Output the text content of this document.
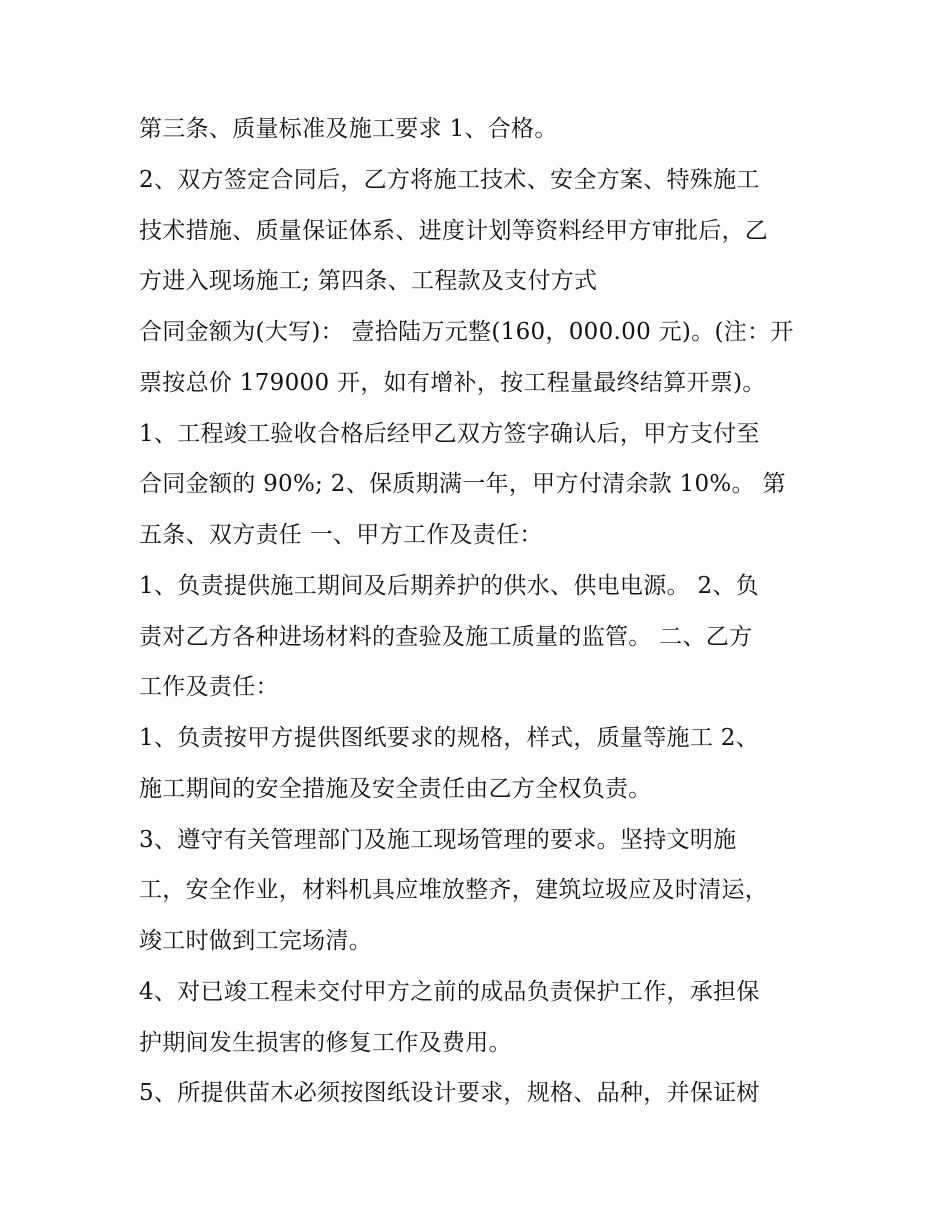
第三条、质量标准及施工要求 1、合格。

2、双方签定合同后，乙方将施工技术、安全方案、特殊施工

技术措施、质量保证体系、进度计划等资料经甲方审批后，乙

方进入现场施工; 第四条、工程款及支付方式

合同金额为(大写)： 壹拾陆万元整(160，000.00 元)。(注：开

票按总价 179000 开，如有增补，按工程量最终结算开票)。

1、工程竣工验收合格后经甲乙双方签字确认后，甲方支付至

合同金额的 90%; 2、保质期满一年，甲方付清余款 10%。 第

五条、双方责任 一、甲方工作及责任：

1、负责提供施工期间及后期养护的供水、供电电源。 2、负

责对乙方各种进场材料的查验及施工质量的监管。 二、乙方

工作及责任：

1、负责按甲方提供图纸要求的规格，样式，质量等施工 2、

施工期间的安全措施及安全责任由乙方全权负责。

3、遵守有关管理部门及施工现场管理的要求。坚持文明施

工，安全作业，材料机具应堆放整齐，建筑垃圾应及时清运，

竣工时做到工完场清。

4、对已竣工程未交付甲方之前的成品负责保护工作，承担保

护期间发生损害的修复工作及费用。

5、所提供苗木必须按图纸设计要求，规格、品种，并保证树
